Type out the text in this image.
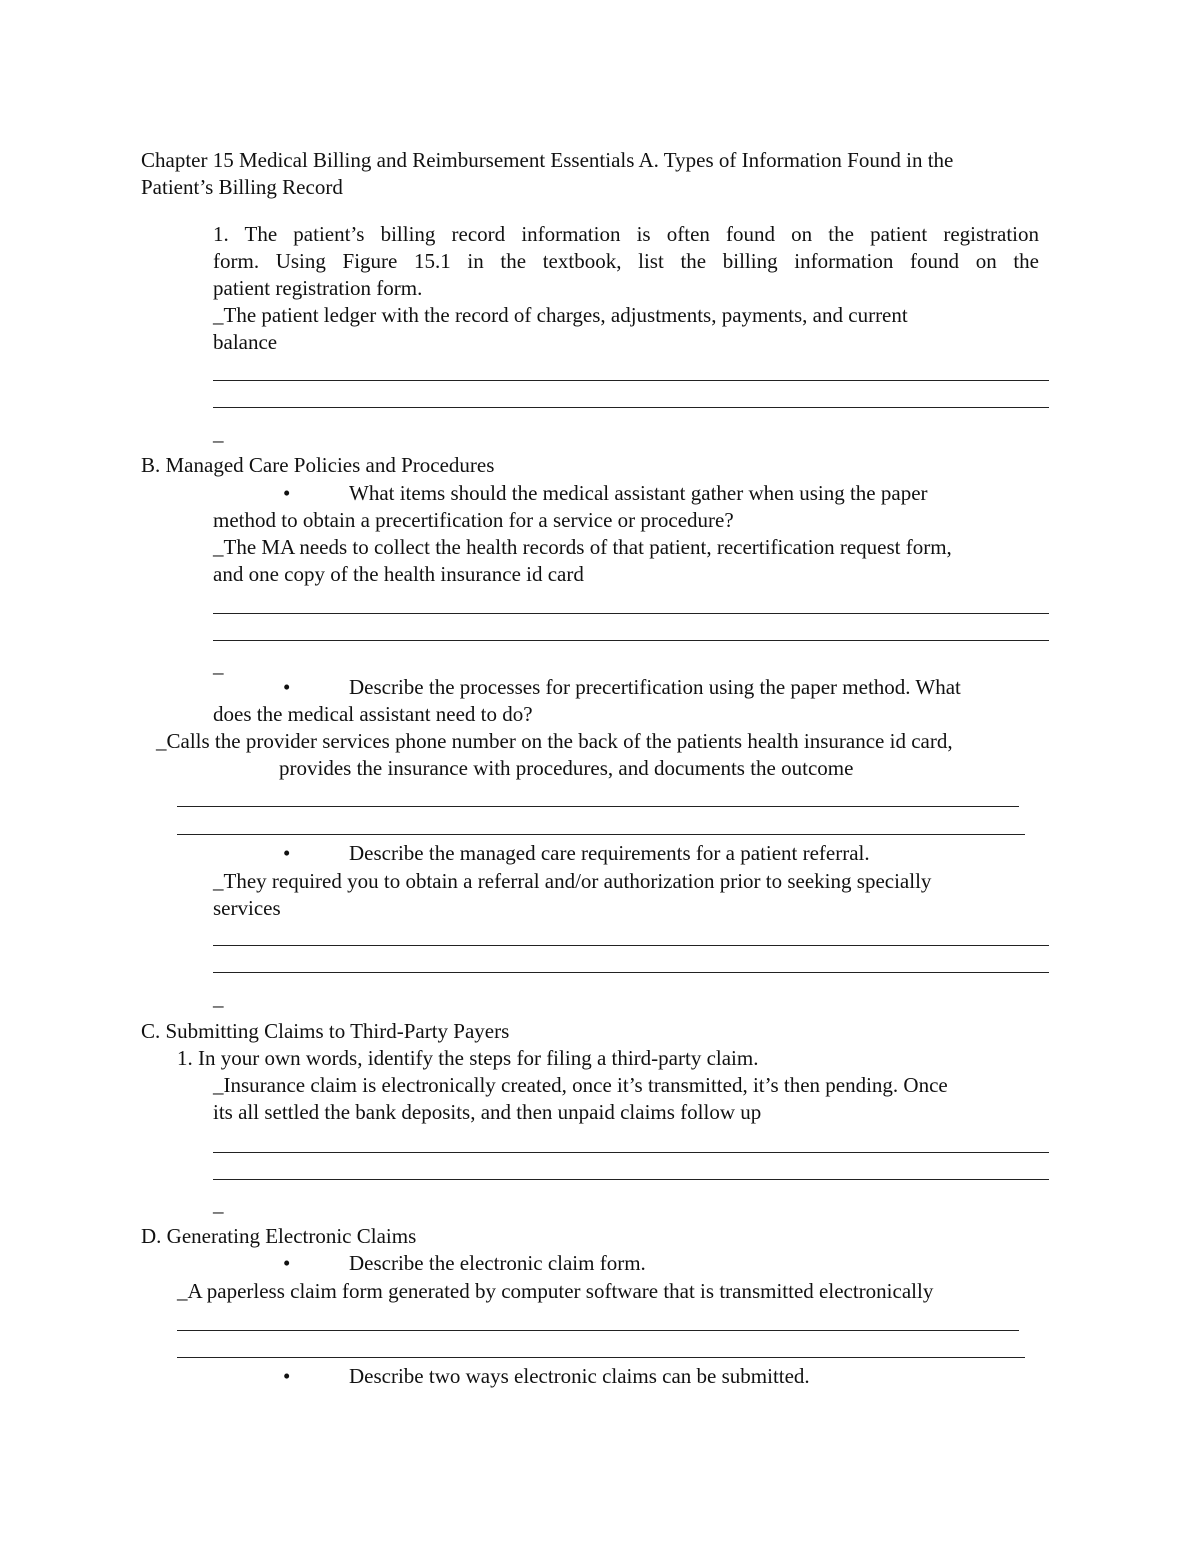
Chapter 15 Medical Billing and Reimbursement Essentials A. Types of Information Found in the

Patient’s Billing Record

1. The patient’s billing record information is often found on the patient registration

form. Using Figure 15.1 in the textbook, list the billing information found on the

patient registration form.

_The patient ledger with the record of charges, adjustments, payments, and current

balance

_

B. Managed Care Policies and Procedures

•	What items should the medical assistant gather when using the paper

method to obtain a precertification for a service or procedure?

_The MA needs to collect the health records of that patient, recertification request form,

and one copy of the health insurance id card

_

•	Describe the processes for precertification using the paper method. What

does the medical assistant need to do?

_Calls the provider services phone number on the back of the patients health insurance id card,

provides the insurance with procedures, and documents the outcome

•	Describe the managed care requirements for a patient referral.

_They required you to obtain a referral and/or authorization prior to seeking specially

services

_

C. Submitting Claims to Third-Party Payers

1. In your own words, identify the steps for filing a third-party claim.

_Insurance claim is electronically created, once it’s transmitted, it’s then pending. Once

its all settled the bank deposits, and then unpaid claims follow up

_

D. Generating Electronic Claims

•	Describe the electronic claim form.

_A paperless claim form generated by computer software that is transmitted electronically

•	Describe two ways electronic claims can be submitted.
